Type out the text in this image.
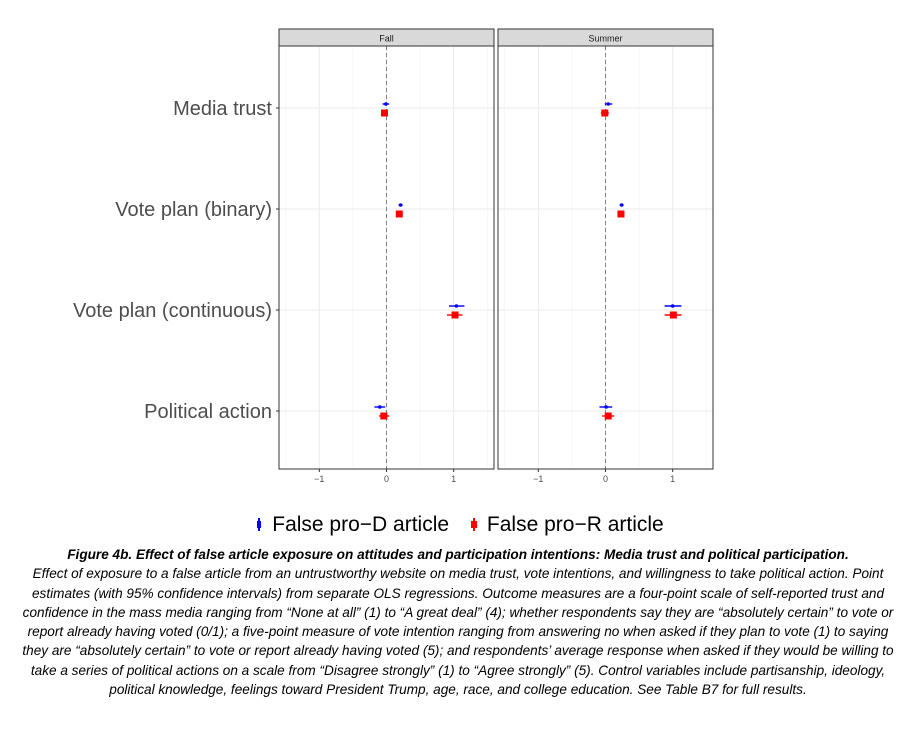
Fall
−1	0	1
Summer
−1	0	1
Media trust
Vote plan (binary)
Vote plan (continuous)
Political action
False pro−D article False pro−R article
Figure 4b. Effect of false article exposure on attitudes and participation intentions: Media trust and political participation.
Effect of exposure to a false article from an untrustworthy website on media trust, vote intentions, and willingness to take political action. Point estimates (with 95% confidence intervals) from separate OLS regressions. Outcome measures are a four-point scale of self-reported trust and confidence in the mass media ranging from “None at all” (1) to “A great deal” (4); whether respondents say they are “absolutely certain” to vote or report already having voted (0/1); a five-point measure of vote intention ranging from answering no when asked if they plan to vote (1) to saying they are “absolutely certain” to vote or report already having voted (5); and respondents’ average response when asked if they would be willing to take a series of political actions on a scale from “Disagree strongly” (1) to “Agree strongly” (5). Control variables include partisanship, ideology, political knowledge, feelings toward President Trump, age, race, and college education. See Table B7 for full results.
